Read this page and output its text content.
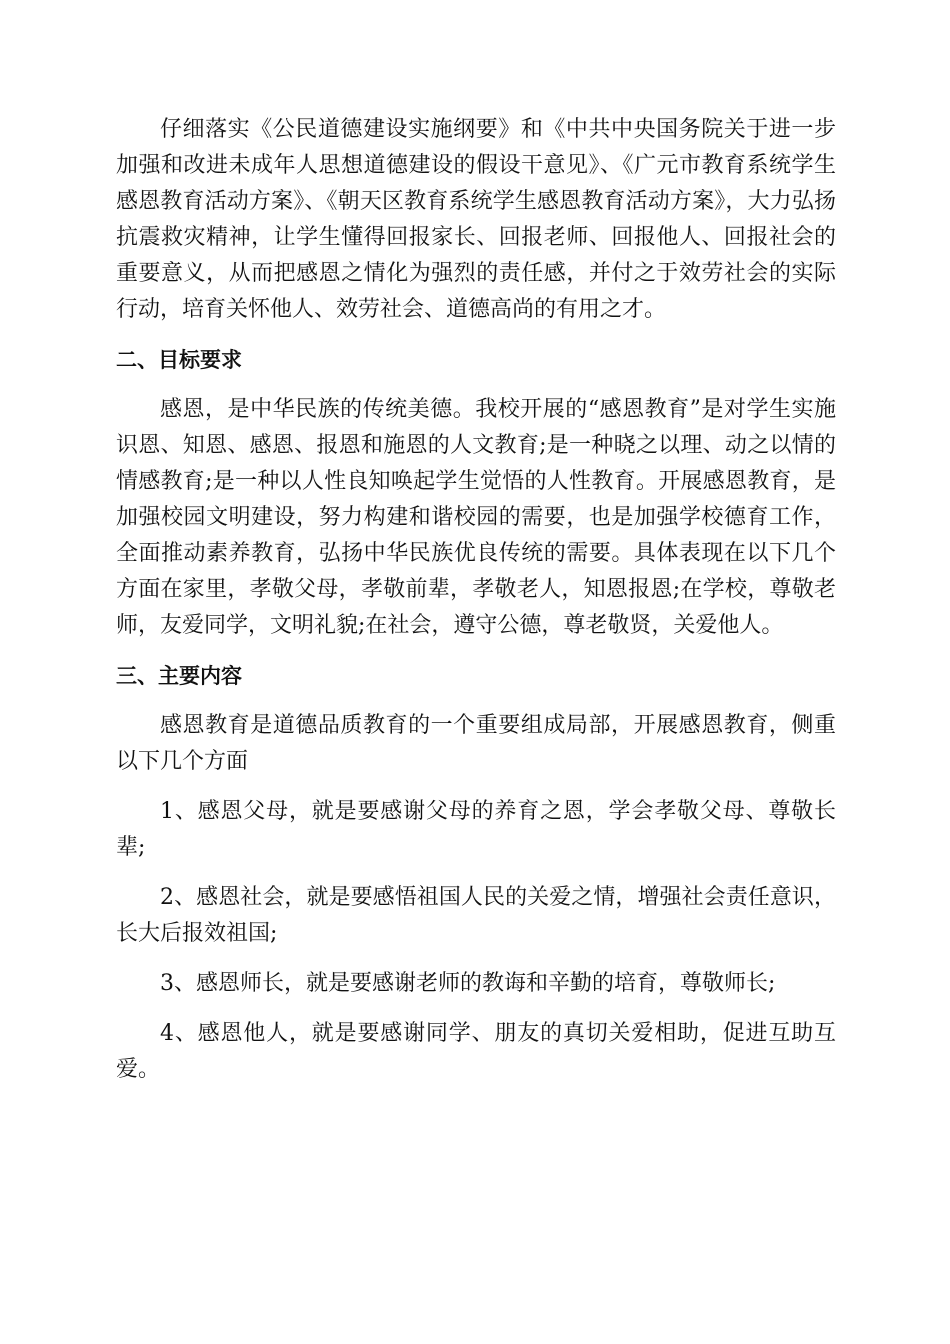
仔细落实《公民道德建设实施纲要》和《中共中央国务院关于进一步加强和改进未成年人思想道德建设的假设干意见》、《广元市教育系统学生感恩教育活动方案》、《朝天区教育系统学生感恩教育活动方案》，大力弘扬抗震救灾精神，让学生懂得回报家长、回报老师、回报他人、回报社会的重要意义，从而把感恩之情化为强烈的责任感，并付之于效劳社会的实际行动，培育关怀他人、效劳社会、道德高尚的有用之才。

二、目标要求

感恩，是中华民族的传统美德。我校开展的“感恩教育”是对学生实施识恩、知恩、感恩、报恩和施恩的人文教育;是一种晓之以理、动之以情的情感教育;是一种以人性良知唤起学生觉悟的人性教育。开展感恩教育，是加强校园文明建设，努力构建和谐校园的需要，也是加强学校德育工作，全面推动素养教育，弘扬中华民族优良传统的需要。具体表现在以下几个方面在家里，孝敬父母，孝敬前辈，孝敬老人，知恩报恩;在学校，尊敬老师，友爱同学，文明礼貌;在社会，遵守公德，尊老敬贤，关爱他人。

三、主要内容

感恩教育是道德品质教育的一个重要组成局部，开展感恩教育，侧重以下几个方面

1、感恩父母，就是要感谢父母的养育之恩，学会孝敬父母、尊敬长辈;

2、感恩社会，就是要感悟祖国人民的关爱之情，增强社会责任意识，长大后报效祖国;

3、感恩师长，就是要感谢老师的教诲和辛勤的培育，尊敬师长;

4、感恩他人，就是要感谢同学、朋友的真切关爱相助，促进互助互爱。
